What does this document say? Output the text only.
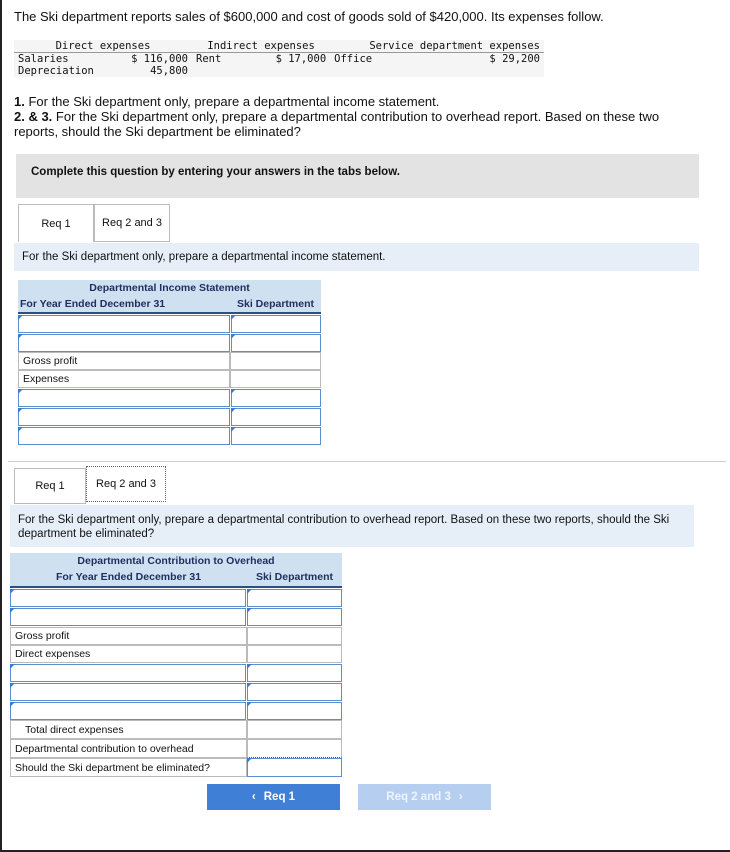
The Ski department reports sales of $600,000 and cost of goods sold of $420,000. Its expenses follow.
Direct expenses		Indirect expenses		Service department expenses	
Salaries	$ 116,000	Rent	$ 17,000	Office	$ 29,200
Depreciation	45,800				
1. For the Ski department only, prepare a departmental income statement.
2. & 3. For the Ski department only, prepare a departmental contribution to overhead report. Based on these two reports, should the Ski department be eliminated?
Complete this question by entering your answers in the tabs below.
Req 1	Req 2 and 3
For the Ski department only, prepare a departmental income statement.
Departmental Income Statement
For Year Ended December 31	Ski Department
Gross profit
Expenses
Req 1	Req 2 and 3
For the Ski department only, prepare a departmental contribution to overhead report. Based on these two reports, should the Ski department be eliminated?
Departmental Contribution to Overhead
For Year Ended December 31	Ski Department
Gross profit
Direct expenses
Total direct expenses
Departmental contribution to overhead
Should the Ski department be eliminated?
‹ Req 1	Req 2 and 3 ›
